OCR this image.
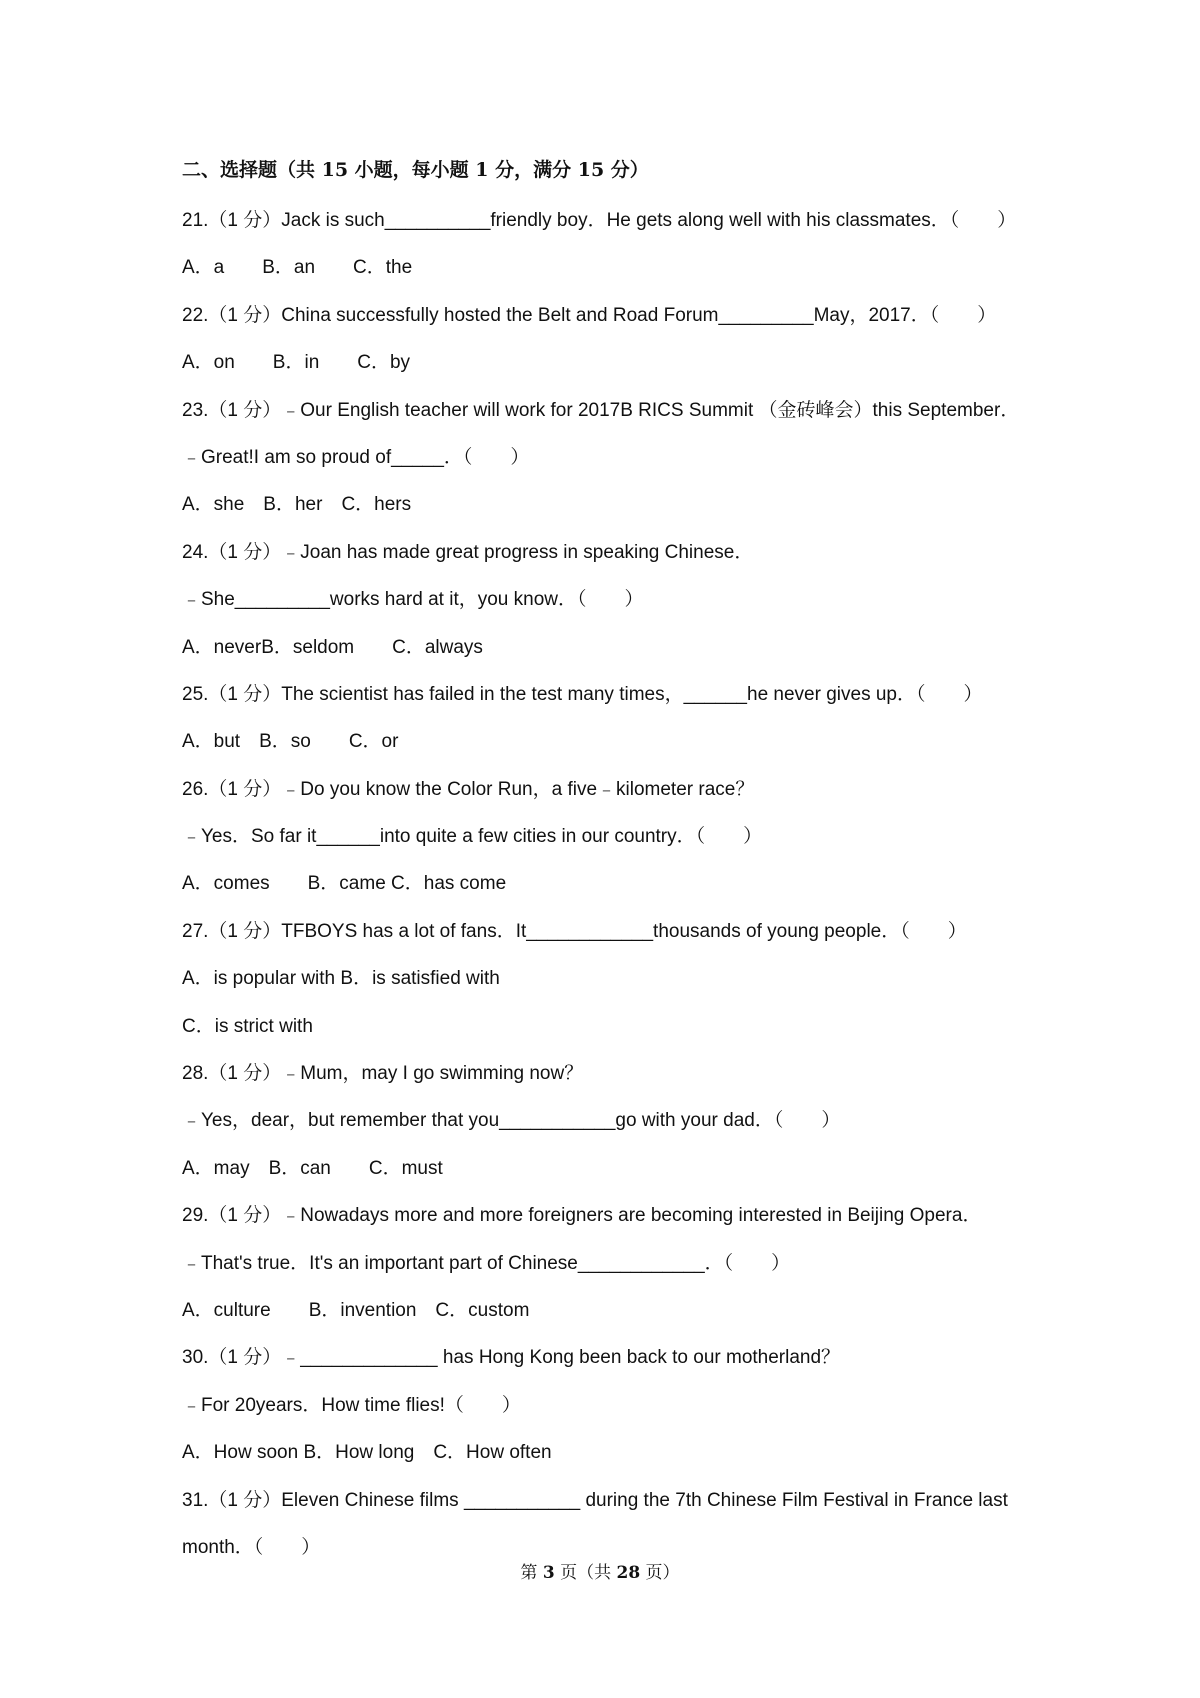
二、选择题（共 15 小题，每小题 1 分，满分 15 分）
21.（1 分）Jack is such__________friendly boy．He gets along well with his classmates．（　　）
A．a　　B．an　　C．the
22.（1 分）China successfully hosted the Belt and Road Forum_________May，2017．（　　）
A．on　　B．in　　C．by
23.（1 分）﹣Our English teacher will work for 2017B RICS Summit （金砖峰会）this September．
﹣Great!I am so proud of_____．（　　）
A．she　B．her　C．hers
24.（1 分）﹣Joan has made great progress in speaking Chinese．
﹣She_________works hard at it，you know．（　　）
A．neverB．seldom　　C．always
25.（1 分）The scientist has failed in the test many times，______he never gives up．（　　）
A．but　B．so　　C．or
26.（1 分）﹣Do you know the Color Run，a five﹣kilometer race？
﹣Yes．So far it______into quite a few cities in our country．（　　）
A．comes　　B．came C．has come
27.（1 分）TFBOYS has a lot of fans．It____________thousands of young people．（　　）
A．is popular with B．is satisfied with
C．is strict with
28.（1 分）﹣Mum，may I go swimming now？
﹣Yes，dear，but remember that you___________go with your dad．（　　）
A．may　B．can　　C．must
29.（1 分）﹣Nowadays more and more foreigners are becoming interested in Beijing Opera．
﹣That's true．It's an important part of Chinese____________．（　　）
A．culture　　B．invention　C．custom
30.（1 分）﹣_____________ has Hong Kong been back to our motherland？
﹣For 20years．How time flies!（　　）
A．How soon B．How long　C．How often
31.（1 分）Eleven Chinese films ___________ during the 7th Chinese Film Festival in France last
month．（　　）
第 3 页（共 28 页）
